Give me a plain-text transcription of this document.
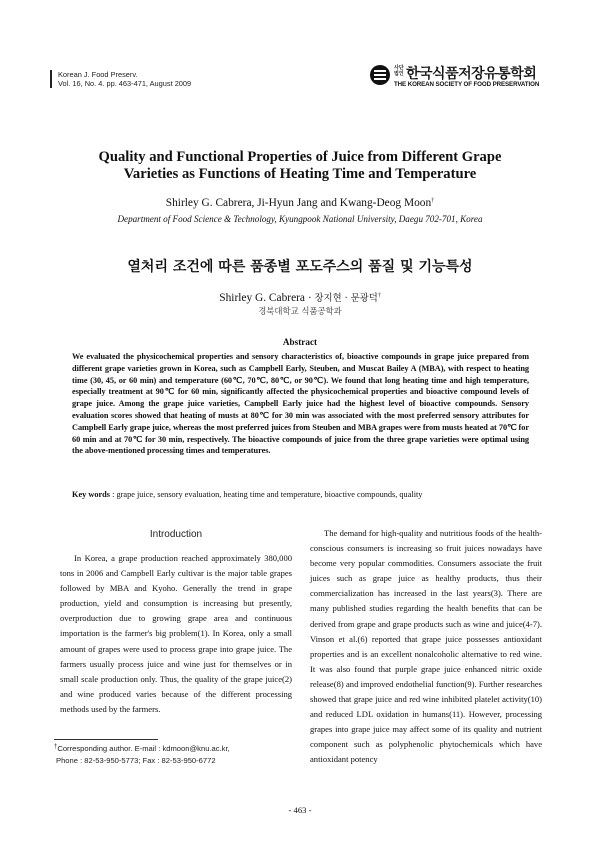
Korean J. Food Preserv.
Vol. 16, No. 4. pp. 463-471, August 2009
사단법인 한국식품저장유통학회
THE KOREAN SOCIETY OF FOOD PRESERVATION
Quality and Functional Properties of Juice from Different Grape
Varieties as Functions of Heating Time and Temperature
Shirley G. Cabrera, Ji-Hyun Jang and Kwang-Deog Moon†
Department of Food Science & Technology, Kyungpook National University, Daegu 702-701, Korea
열처리 조건에 따른 품종별 포도주스의 품질 및 기능특성
Shirley G. Cabrera · 장지현 · 문광덕†
경북대학교 식품공학과
Abstract
We evaluated the physicochemical properties and sensory characteristics of, bioactive compounds in grape juice prepared from different grape varieties grown in Korea, such as Campbell Early, Steuben, and Muscat Bailey A (MBA), with respect to heating time (30, 45, or 60 min) and temperature (60℃, 70℃, 80℃, or 90℃). We found that long heating time and high temperature, especially treatment at 90℃ for 60 min, significantly affected the physicochemical properties and bioactive compound levels of grape juice. Among the grape juice varieties, Campbell Early juice had the highest level of bioactive compounds. Sensory evaluation scores showed that heating of musts at 80℃ for 30 min was associated with the most preferred sensory attributes for Campbell Early grape juice, whereas the most preferred juices from Steuben and MBA grapes were from musts heated at 70℃ for 60 min and at 70℃ for 30 min, respectively. The bioactive compounds of juice from the three grape varieties were optimal using the above-mentioned processing times and temperatures.
Key words : grape juice, sensory evaluation, heating time and temperature, bioactive compounds, quality
Introduction

In Korea, a grape production reached approximately 380,000 tons in 2006 and Campbell Early cultivar is the major table grapes followed by MBA and Kyoho. Generally the trend in grape production, yield and consumption is increasing but presently, overproduction due to growing grape area and continuous importation is the farmer's big problem(1). In Korea, only a small amount of grapes were used to process grape into grape juice. The farmers usually process juice and wine just for themselves or in small scale production only. Thus, the quality of the grape juice(2) and wine produced varies because of the different processing methods used by the farmers.

The demand for high-quality and nutritious foods of the health-conscious consumers is increasing so fruit juices nowadays have become very popular commodities. Consumers associate the fruit juices such as grape juice as healthy products, thus their commercialization has increased in the last years(3). There are many published studies regarding the health benefits that can be derived from grape and grape products such as wine and juice(4-7). Vinson et al.(6) reported that grape juice possesses antioxidant properties and is an excellent nonalcoholic alternative to red wine. It was also found that purple grape juice enhanced nitric oxide release(8) and improved endothelial function(9). Further researches showed that grape juice and red wine inhibited platelet activity(10) and reduced LDL oxidation in humans(11). However, processing grapes into grape juice may affect some of its quality and nutrient component such as polyphenolic phytochemicals which have antioxidant potency

†Corresponding author. E-mail : kdmoon@knu.ac.kr,
Phone : 82-53-950-5773; Fax : 82-53-950-6772
- 463 -
